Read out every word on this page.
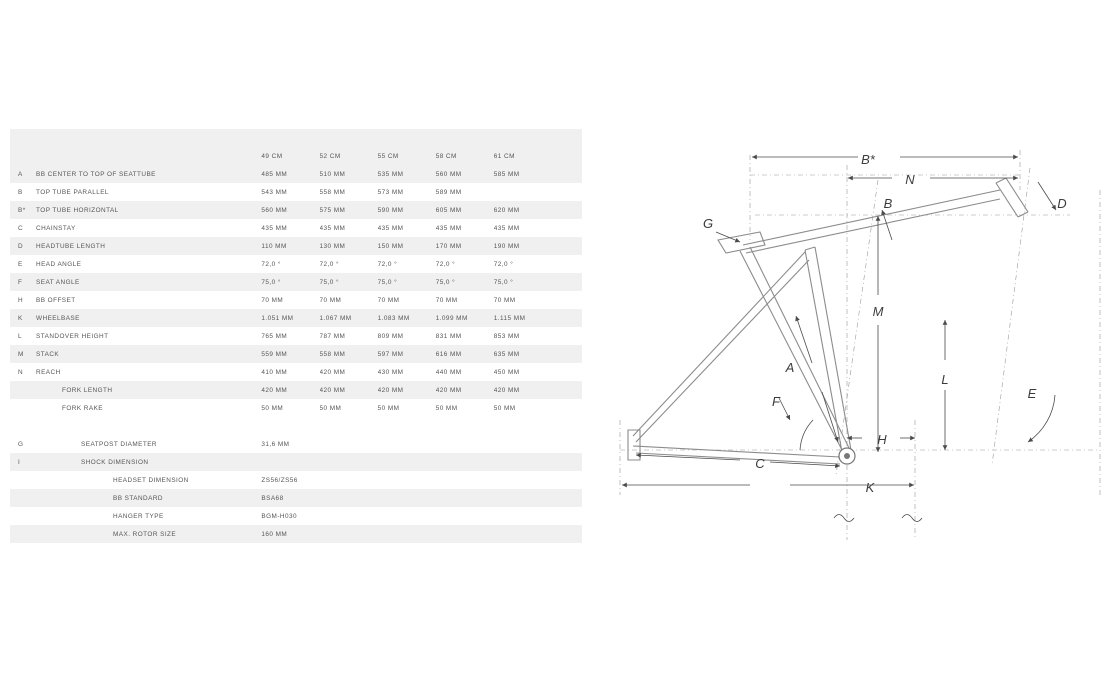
		49 CM	52 CM	55 CM	58 CM	61 CM	
A	BB CENTER TO TOP OF SEATTUBE	485 MM	510 MM	535 MM	560 MM	585 MM	
B	TOP TUBE PARALLEL	543 MM	558 MM	573 MM	589 MM		
B*	TOP TUBE HORIZONTAL	560 MM	575 MM	590 MM	605 MM	620 MM	
C	CHAINSTAY	435 MM	435 MM	435 MM	435 MM	435 MM	
D	HEADTUBE LENGTH	110 MM	130 MM	150 MM	170 MM	190 MM	
E	HEAD ANGLE	72,0 °	72,0 °	72,0 °	72,0 °	72,0 °	
F	SEAT ANGLE	75,0 °	75,0 °	75,0 °	75,0 °	75,0 °	
H	BB OFFSET	70 MM	70 MM	70 MM	70 MM	70 MM	
K	WHEELBASE	1.051 MM	1.067 MM	1.083 MM	1.099 MM	1.115 MM	
L	STANDOVER HEIGHT	765 MM	787 MM	809 MM	831 MM	853 MM	
M	STACK	559 MM	558 MM	597 MM	616 MM	635 MM	
N	REACH	410 MM	420 MM	430 MM	440 MM	450 MM	
	FORK LENGTH	420 MM	420 MM	420 MM	420 MM	420 MM	
	FORK RAKE	50 MM	50 MM	50 MM	50 MM	50 MM	

G	SEATPOST DIAMETER	31,6 MM					
I	SHOCK DIMENSION						
	HEADSET DIMENSION	ZS56/ZS56					
	BB STANDARD	BSA68					
	HANGER TYPE	BGM-H030					
	MAX. ROTOR SIZE	160 MM					
B*
N
B	D
G
M
A
F
L
E
C
H
K
